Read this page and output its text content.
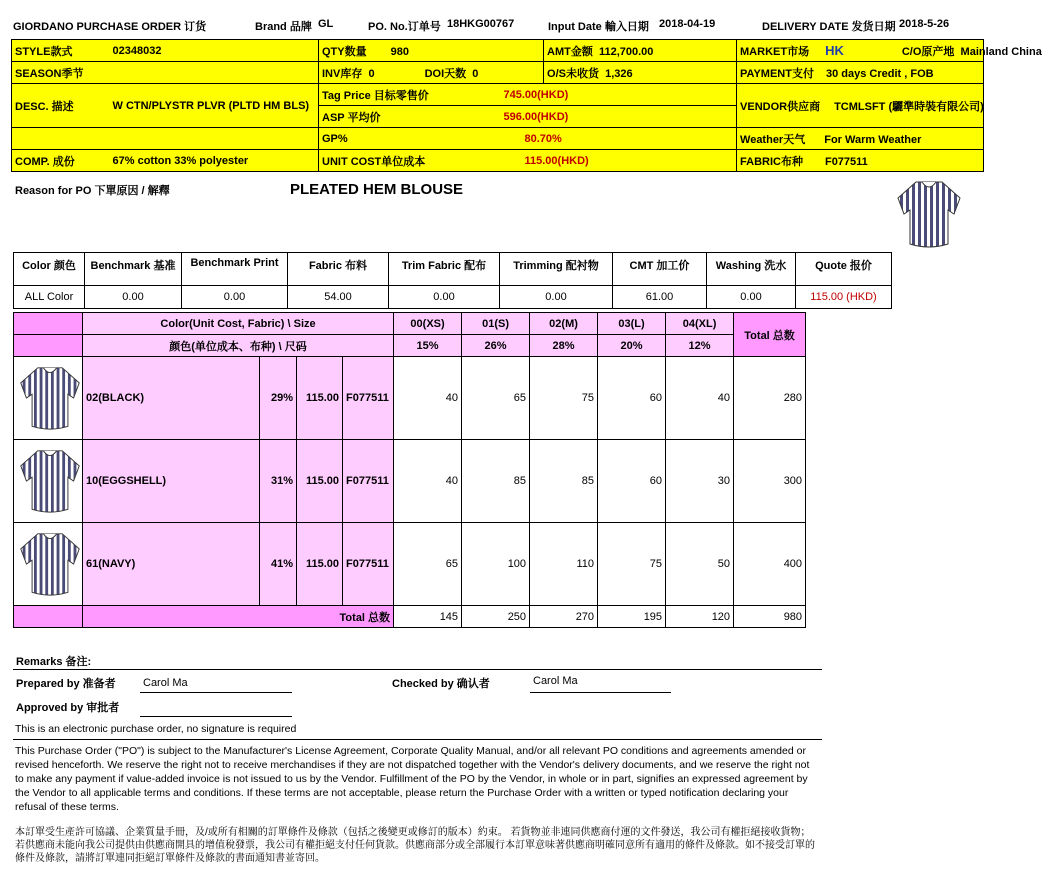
GIORDANO PURCHASE ORDER 订货	Brand 品牌 GL	PO. No.订单号 18HKG00767	Input Date 輸入日期 2018-04-19	DELIVERY DATE 发货日期 2018-5-26
STYLE款式	02348032	QTY数量 980		AMT金额 112,700.00		MARKET市场 HK C/O原产地 Mainland China
SEASON季节		INV库存 0 DOI天数 0		O/S未收货 1,326		PAYMENT支付 30 days Credit , FOB
DESC. 描述	W CTN/PLYSTR PLVR (PLTD HM BLS)	Tag Price 目标零售价	745.00(HKD)			VENDOR供应商 TCMLSFT (驪準時裝有限公司)
		ASP 平均价	596.00(HKD)			
		GP%	80.70%			Weather天气 For Warm Weather
COMP. 成份	67% cotton 33% polyester	UNIT COST单位成本	115.00(HKD)			FABRIC布种 F077511
Reason for PO 下單原因 / 解釋	PLEATED HEM BLOUSE
Color 颜色	Benchmark 基准	Benchmark Print	Fabric 布料	Trim Fabric 配布	Trimming 配衬物	CMT 加工价	Washing 洗水	Quote 报价
ALL Color	0.00	0.00	54.00	0.00	0.00	61.00	0.00	115.00 (HKD)
	Color(Unit Cost, Fabric) \ Size				00(XS)	01(S)	02(M)	03(L)	04(XL)	Total 总数
	颜色(单位成本、布种) \ 尺码				15%	26%	28%	20%	12%	

	02(BLACK)	29%	115.00	F077511	40	65	75	60	40	280

	10(EGGSHELL)	31%	115.00	F077511	40	85	85	60	30	300

	61(NAVY)	41%	115.00	F077511	65	100	110	75	50	400
	Total 总数				145	250	270	195	120	980
Remarks 备注:
Prepared by 准备者 Carol Ma	Checked by 确认者	Carol Ma
Approved by 审批者
This is an electronic purchase order, no signature is required
This Purchase Order ("PO") is subject to the Manufacturer's License Agreement, Corporate Quality Manual, and/or all relevant PO conditions and agreements amended or revised henceforth. We reserve the right not to receive merchandises if they are not dispatched together with the Vendor's delivery documents, and we reserve the right not to make any payment if value-added invoice is not issued to us by the Vendor. Fulfillment of the PO by the Vendor, in whole or in part, signifies an expressed agreement by the Vendor to all applicable terms and conditions. If these terms are not acceptable, please return the Purchase Order with a written or typed notification declaring your refusal of these terms.
本訂單受生產許可協議、企業質量手冊，及/或所有相關的訂單條件及條款（包括之後變更或修訂的版本）約束。 若貨物並非連同供應商付運的文件發送，我公司有權拒絕接收貨物；若供應商未能向我公司提供由供應商開具的增值稅發票，我公司有權拒絕支付任何貨款。供應商部分或全部履行本訂單意味著供應商明確同意所有適用的條件及條款。如不接受訂單的條件及條款，請將訂單連同拒絕訂單條件及條款的書面通知書並寄回。
